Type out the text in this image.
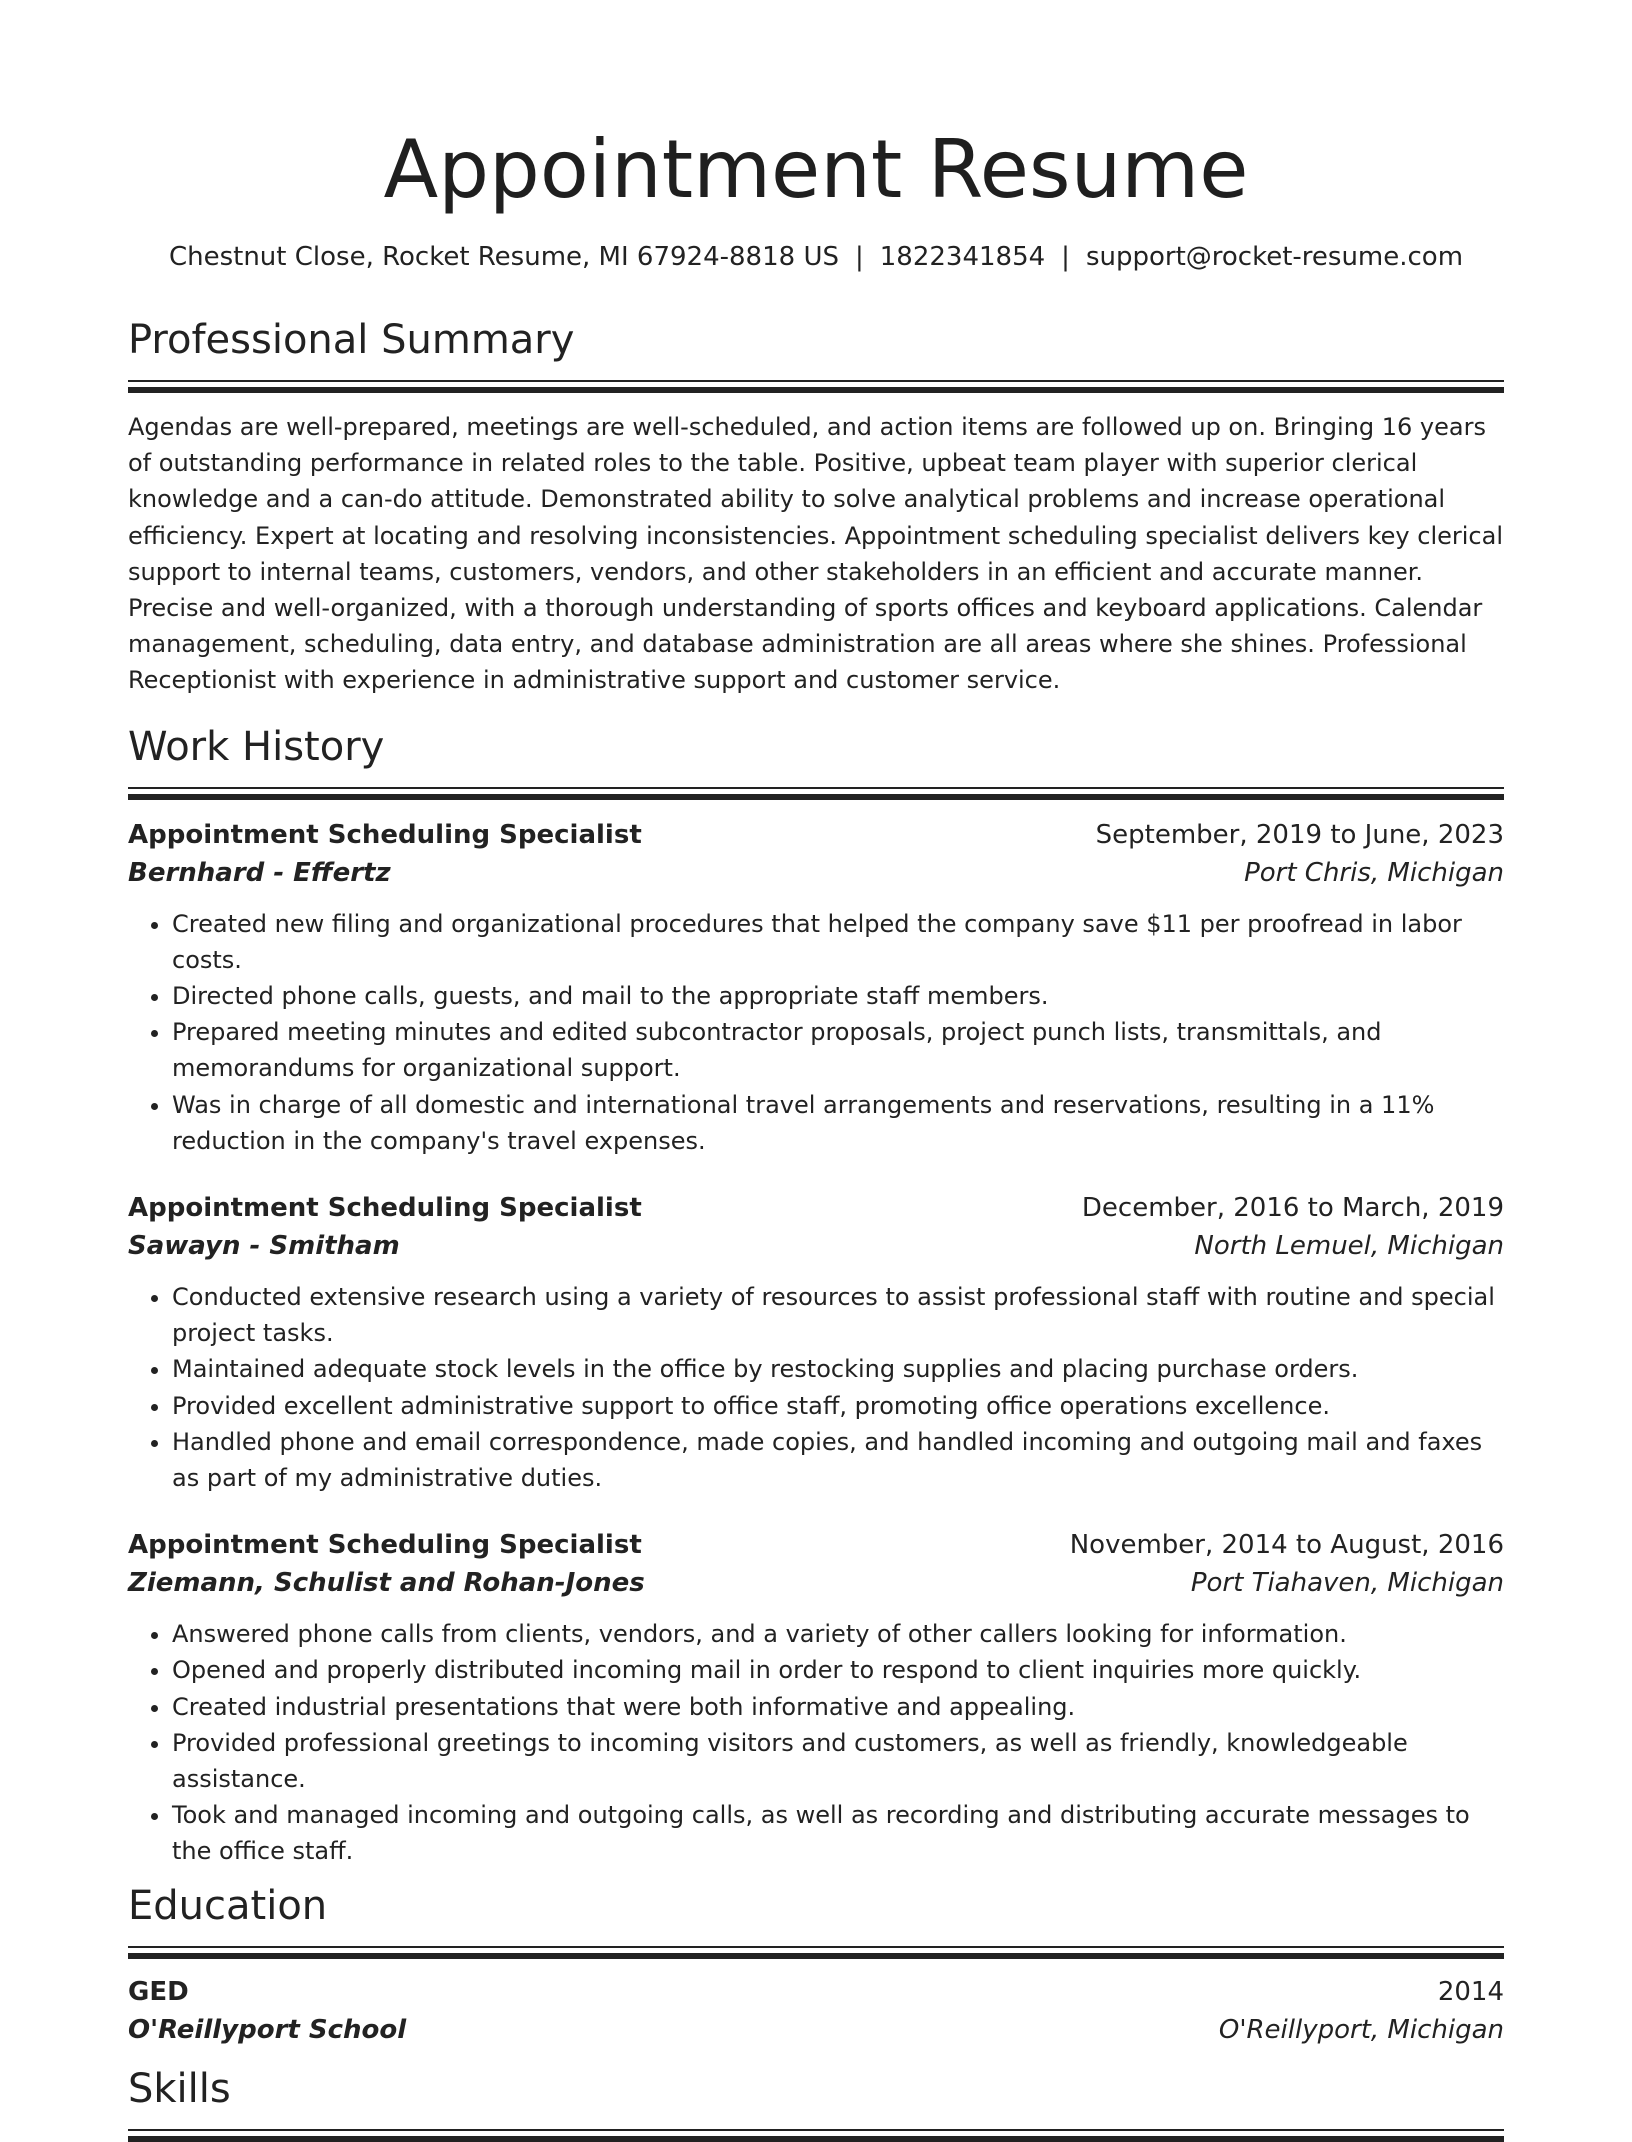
Appointment Resume
Chestnut Close, Rocket Resume, MI 67924-8818 US | 1822341854 | support@rocket-resume.com
Professional Summary
Agendas are well-prepared, meetings are well-scheduled, and action items are followed up on. Bringing 16 years of outstanding performance in related roles to the table. Positive, upbeat team player with superior clerical knowledge and a can-do attitude. Demonstrated ability to solve analytical problems and increase operational efficiency. Expert at locating and resolving inconsistencies. Appointment scheduling specialist delivers key clerical support to internal teams, customers, vendors, and other stakeholders in an efficient and accurate manner. Precise and well-organized, with a thorough understanding of sports offices and keyboard applications. Calendar management, scheduling, data entry, and database administration are all areas where she shines. Professional Receptionist with experience in administrative support and customer service.
Work History
Appointment Scheduling Specialist	September, 2019 to June, 2023
Bernhard - Effertz	Port Chris, Michigan
• Created new filing and organizational procedures that helped the company save $11 per proofread in labor costs.
• Directed phone calls, guests, and mail to the appropriate staff members.
• Prepared meeting minutes and edited subcontractor proposals, project punch lists, transmittals, and memorandums for organizational support.
• Was in charge of all domestic and international travel arrangements and reservations, resulting in a 11% reduction in the company's travel expenses.
Appointment Scheduling Specialist	December, 2016 to March, 2019
Sawayn - Smitham	North Lemuel, Michigan
• Conducted extensive research using a variety of resources to assist professional staff with routine and special project tasks.
• Maintained adequate stock levels in the office by restocking supplies and placing purchase orders.
• Provided excellent administrative support to office staff, promoting office operations excellence.
• Handled phone and email correspondence, made copies, and handled incoming and outgoing mail and faxes as part of my administrative duties.
Appointment Scheduling Specialist	November, 2014 to August, 2016
Ziemann, Schulist and Rohan-Jones	Port Tiahaven, Michigan
• Answered phone calls from clients, vendors, and a variety of other callers looking for information.
• Opened and properly distributed incoming mail in order to respond to client inquiries more quickly.
• Created industrial presentations that were both informative and appealing.
• Provided professional greetings to incoming visitors and customers, as well as friendly, knowledgeable assistance.
• Took and managed incoming and outgoing calls, as well as recording and distributing accurate messages to the office staff.
Education
GED	2014
O'Reillyport School	O'Reillyport, Michigan
Skills
